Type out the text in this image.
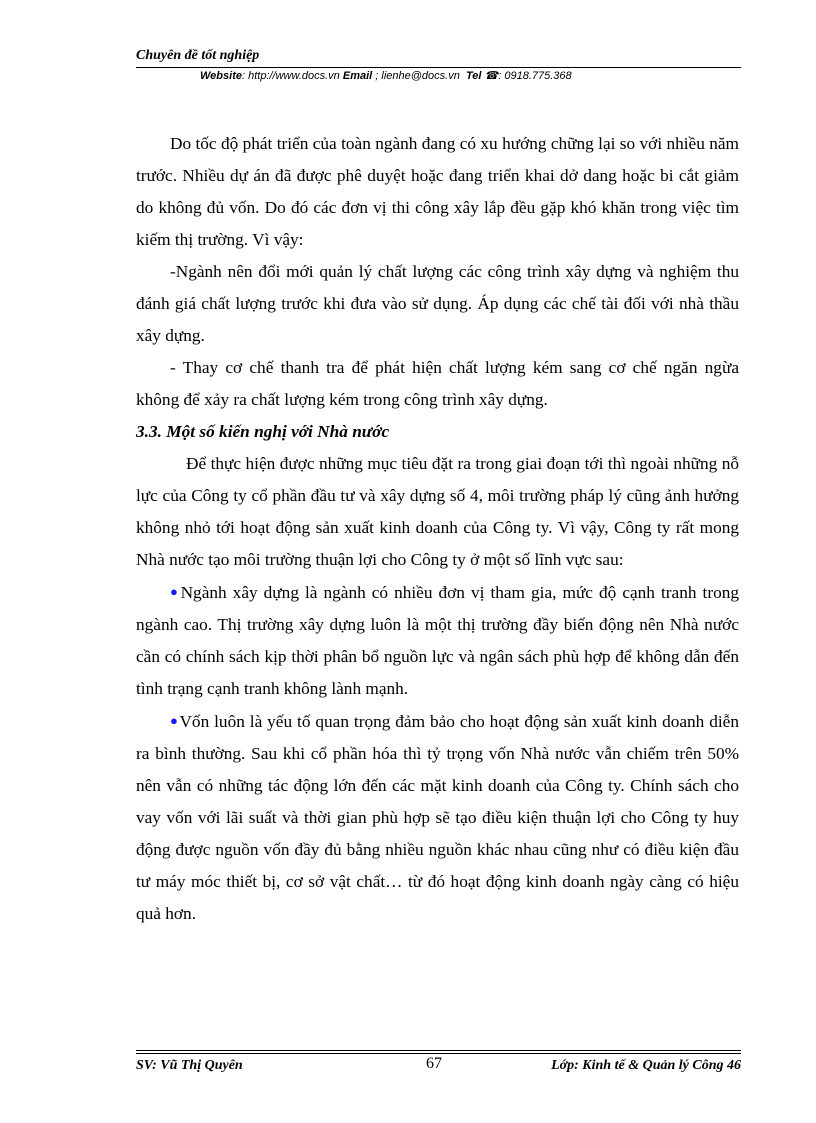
Chuyên đề tốt nghiệp
Website: http://www.docs.vn Email ; lienhe@docs.vn Tel ☎: 0918.775.368

Do tốc độ phát triển của toàn ngành đang có xu hướng chững lại so với nhiều năm trước. Nhiều dự án đã được phê duyệt hoặc đang triển khai dở dang hoặc bi cắt giảm do không đủ vốn. Do đó các đơn vị thi công xây lắp đều gặp khó khăn trong việc tìm kiếm thị trường. Vì vậy:

-Ngành nên đổi mới quản lý chất lượng các công trình xây dựng và nghiệm thu đánh giá chất lượng trước khi đưa vào sử dụng. Áp dụng các chế tài đối với nhà thầu xây dựng.

- Thay cơ chế thanh tra để phát hiện chất lượng kém sang cơ chế ngăn ngừa không để xảy ra chất lượng kém trong công trình xây dựng.

3.3. Một số kiến nghị với Nhà nước

Để thực hiện được những mục tiêu đặt ra trong giai đoạn tới thì ngoài những nỗ lực của Công ty cổ phần đầu tư và xây dựng số 4, môi trường pháp lý cũng ảnh hưởng không nhỏ tới hoạt động sản xuất kinh doanh của Công ty. Vì vậy, Công ty rất mong Nhà nước tạo môi trường thuận lợi cho Công ty ở một số lĩnh vực sau:

●Ngành xây dựng là ngành có nhiều đơn vị tham gia, mức độ cạnh tranh trong ngành cao. Thị trường xây dựng luôn là một thị trường đầy biến động nên Nhà nước cần có chính sách kịp thời phân bổ nguồn lực và ngân sách phù hợp để không dẫn đến tình trạng cạnh tranh không lành mạnh.

●Vốn luôn là yếu tố quan trọng đảm bảo cho hoạt động sản xuất kinh doanh diễn ra bình thường. Sau khi cổ phần hóa thì tỷ trọng vốn Nhà nước vẫn chiếm trên 50% nên vẫn có những tác động lớn đến các mặt kinh doanh của Công ty. Chính sách cho vay vốn với lãi suất và thời gian phù hợp sẽ tạo điều kiện thuận lợi cho Công ty huy động được nguồn vốn đầy đủ bằng nhiều nguồn khác nhau cũng như có điều kiện đầu tư máy móc thiết bị, cơ sở vật chất… từ đó hoạt động kinh doanh ngày càng có hiệu quả hơn.

SV: Vũ Thị Quyên	67	Lớp: Kinh tế & Quản lý Công 46
